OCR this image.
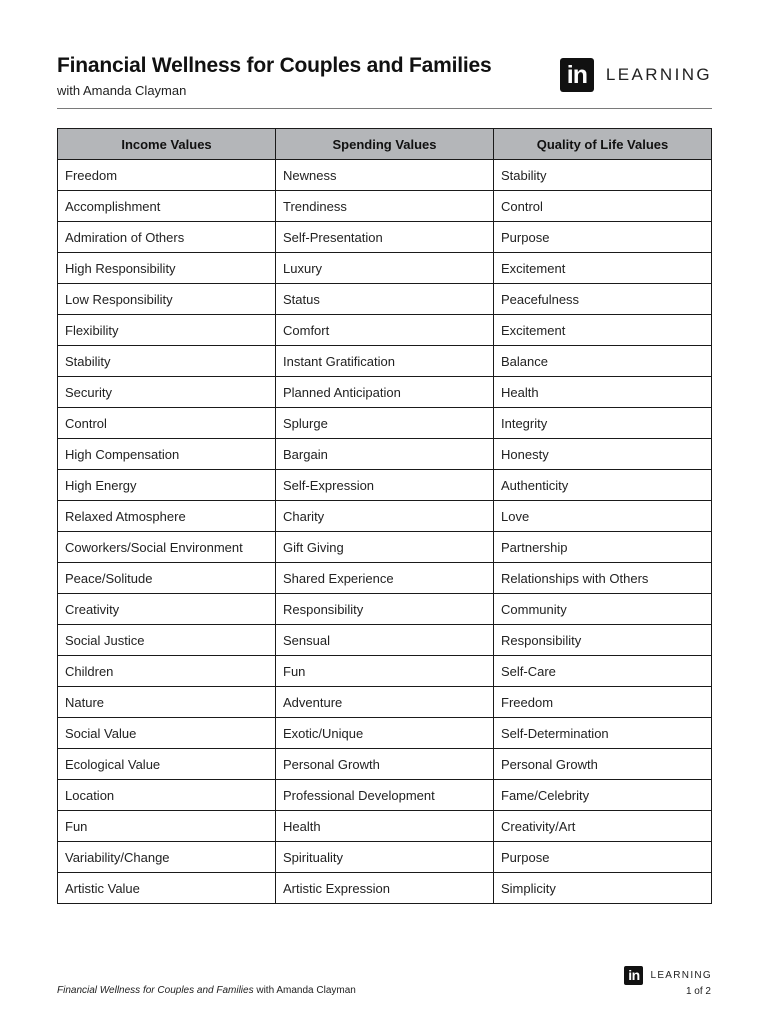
Financial Wellness for Couples and Families
with Amanda Clayman
in	LEARNING
Income Values	Spending Values	Quality of Life Values
Freedom	Newness	Stability
Accomplishment	Trendiness	Control
Admiration of Others	Self-Presentation	Purpose
High Responsibility	Luxury	Excitement
Low Responsibility	Status	Peacefulness
Flexibility	Comfort	Excitement
Stability	Instant Gratification	Balance
Security	Planned Anticipation	Health
Control	Splurge	Integrity
High Compensation	Bargain	Honesty
High Energy	Self-Expression	Authenticity
Relaxed Atmosphere	Charity	Love
Coworkers/Social Environment	Gift Giving	Partnership
Peace/Solitude	Shared Experience	Relationships with Others
Creativity	Responsibility	Community
Social Justice	Sensual	Responsibility
Children	Fun	Self-Care
Nature	Adventure	Freedom
Social Value	Exotic/Unique	Self-Determination
Ecological Value	Personal Growth	Personal Growth
Location	Professional Development	Fame/Celebrity
Fun	Health	Creativity/Art
Variability/Change	Spirituality	Purpose
Artistic Value	Artistic Expression	Simplicity
Financial Wellness for Couples and Families with Amanda Clayman
in	LEARNING
1 of 2
